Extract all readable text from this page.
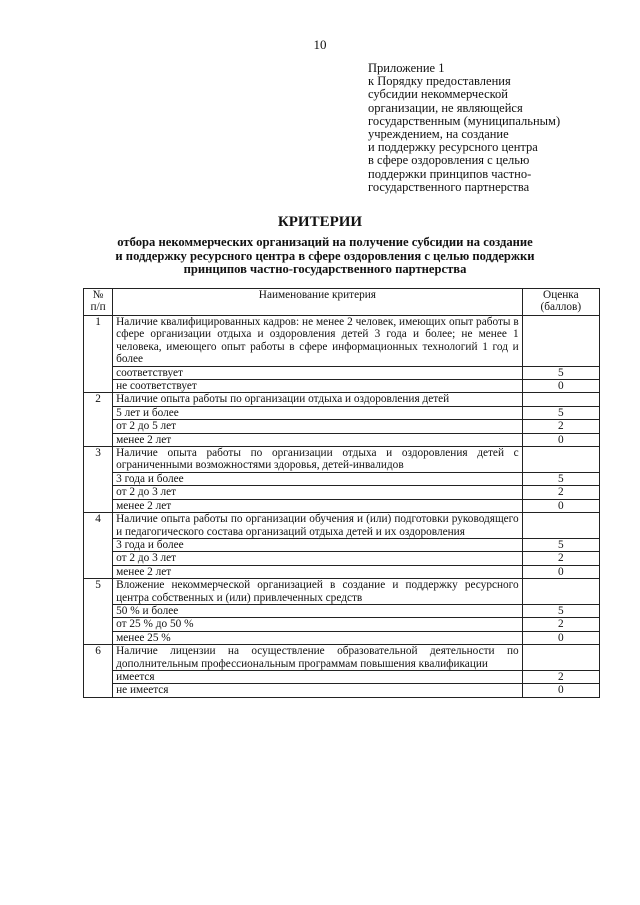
10
Приложение 1
к Порядку предоставления
субсидии некоммерческой
организации, не являющейся
государственным (муниципальным)
учреждением, на создание
и поддержку ресурсного центра
в сфере оздоровления с целью
поддержки принципов частно-
государственного партнерства
КРИТЕРИИ
отбора некоммерческих организаций на получение субсидии на создание
и поддержку ресурсного центра в сфере оздоровления с целью поддержки
принципов частно-государственного партнерства
№ п/п	Наименование критерия	Оценка (баллов)
1	Наличие квалифицированных кадров: не менее 2 человек, имеющих опыт работы в сфере организации отдыха и оздоровления детей 3 года и более; не менее 1 человека, имеющего опыт работы в сфере информационных технологий 1 год и более	
	соответствует	5
	не соответствует	0
2	Наличие опыта работы по организации отдыха и оздоровления детей	
	5 лет и более	5
	от 2 до 5 лет	2
	менее 2 лет	0
3	Наличие опыта работы по организации отдыха и оздоровления детей с ограниченными возможностями здоровья, детей-инвалидов	
	3 года и более	5
	от 2 до 3 лет	2
	менее 2 лет	0
4	Наличие опыта работы по организации обучения и (или) подготовки руководящего и педагогического состава организаций отдыха детей и их оздоровления	
	3 года и более	5
	от 2 до 3 лет	2
	менее 2 лет	0
5	Вложение некоммерческой организацией в создание и поддержку ресурсного центра собственных и (или) привлеченных средств	
	50 % и более	5
	от 25 % до 50 %	2
	менее 25 %	0
6	Наличие лицензии на осуществление образовательной деятельности по дополнительным профессиональным программам повышения квалификации	
	имеется	2
	не имеется	0
